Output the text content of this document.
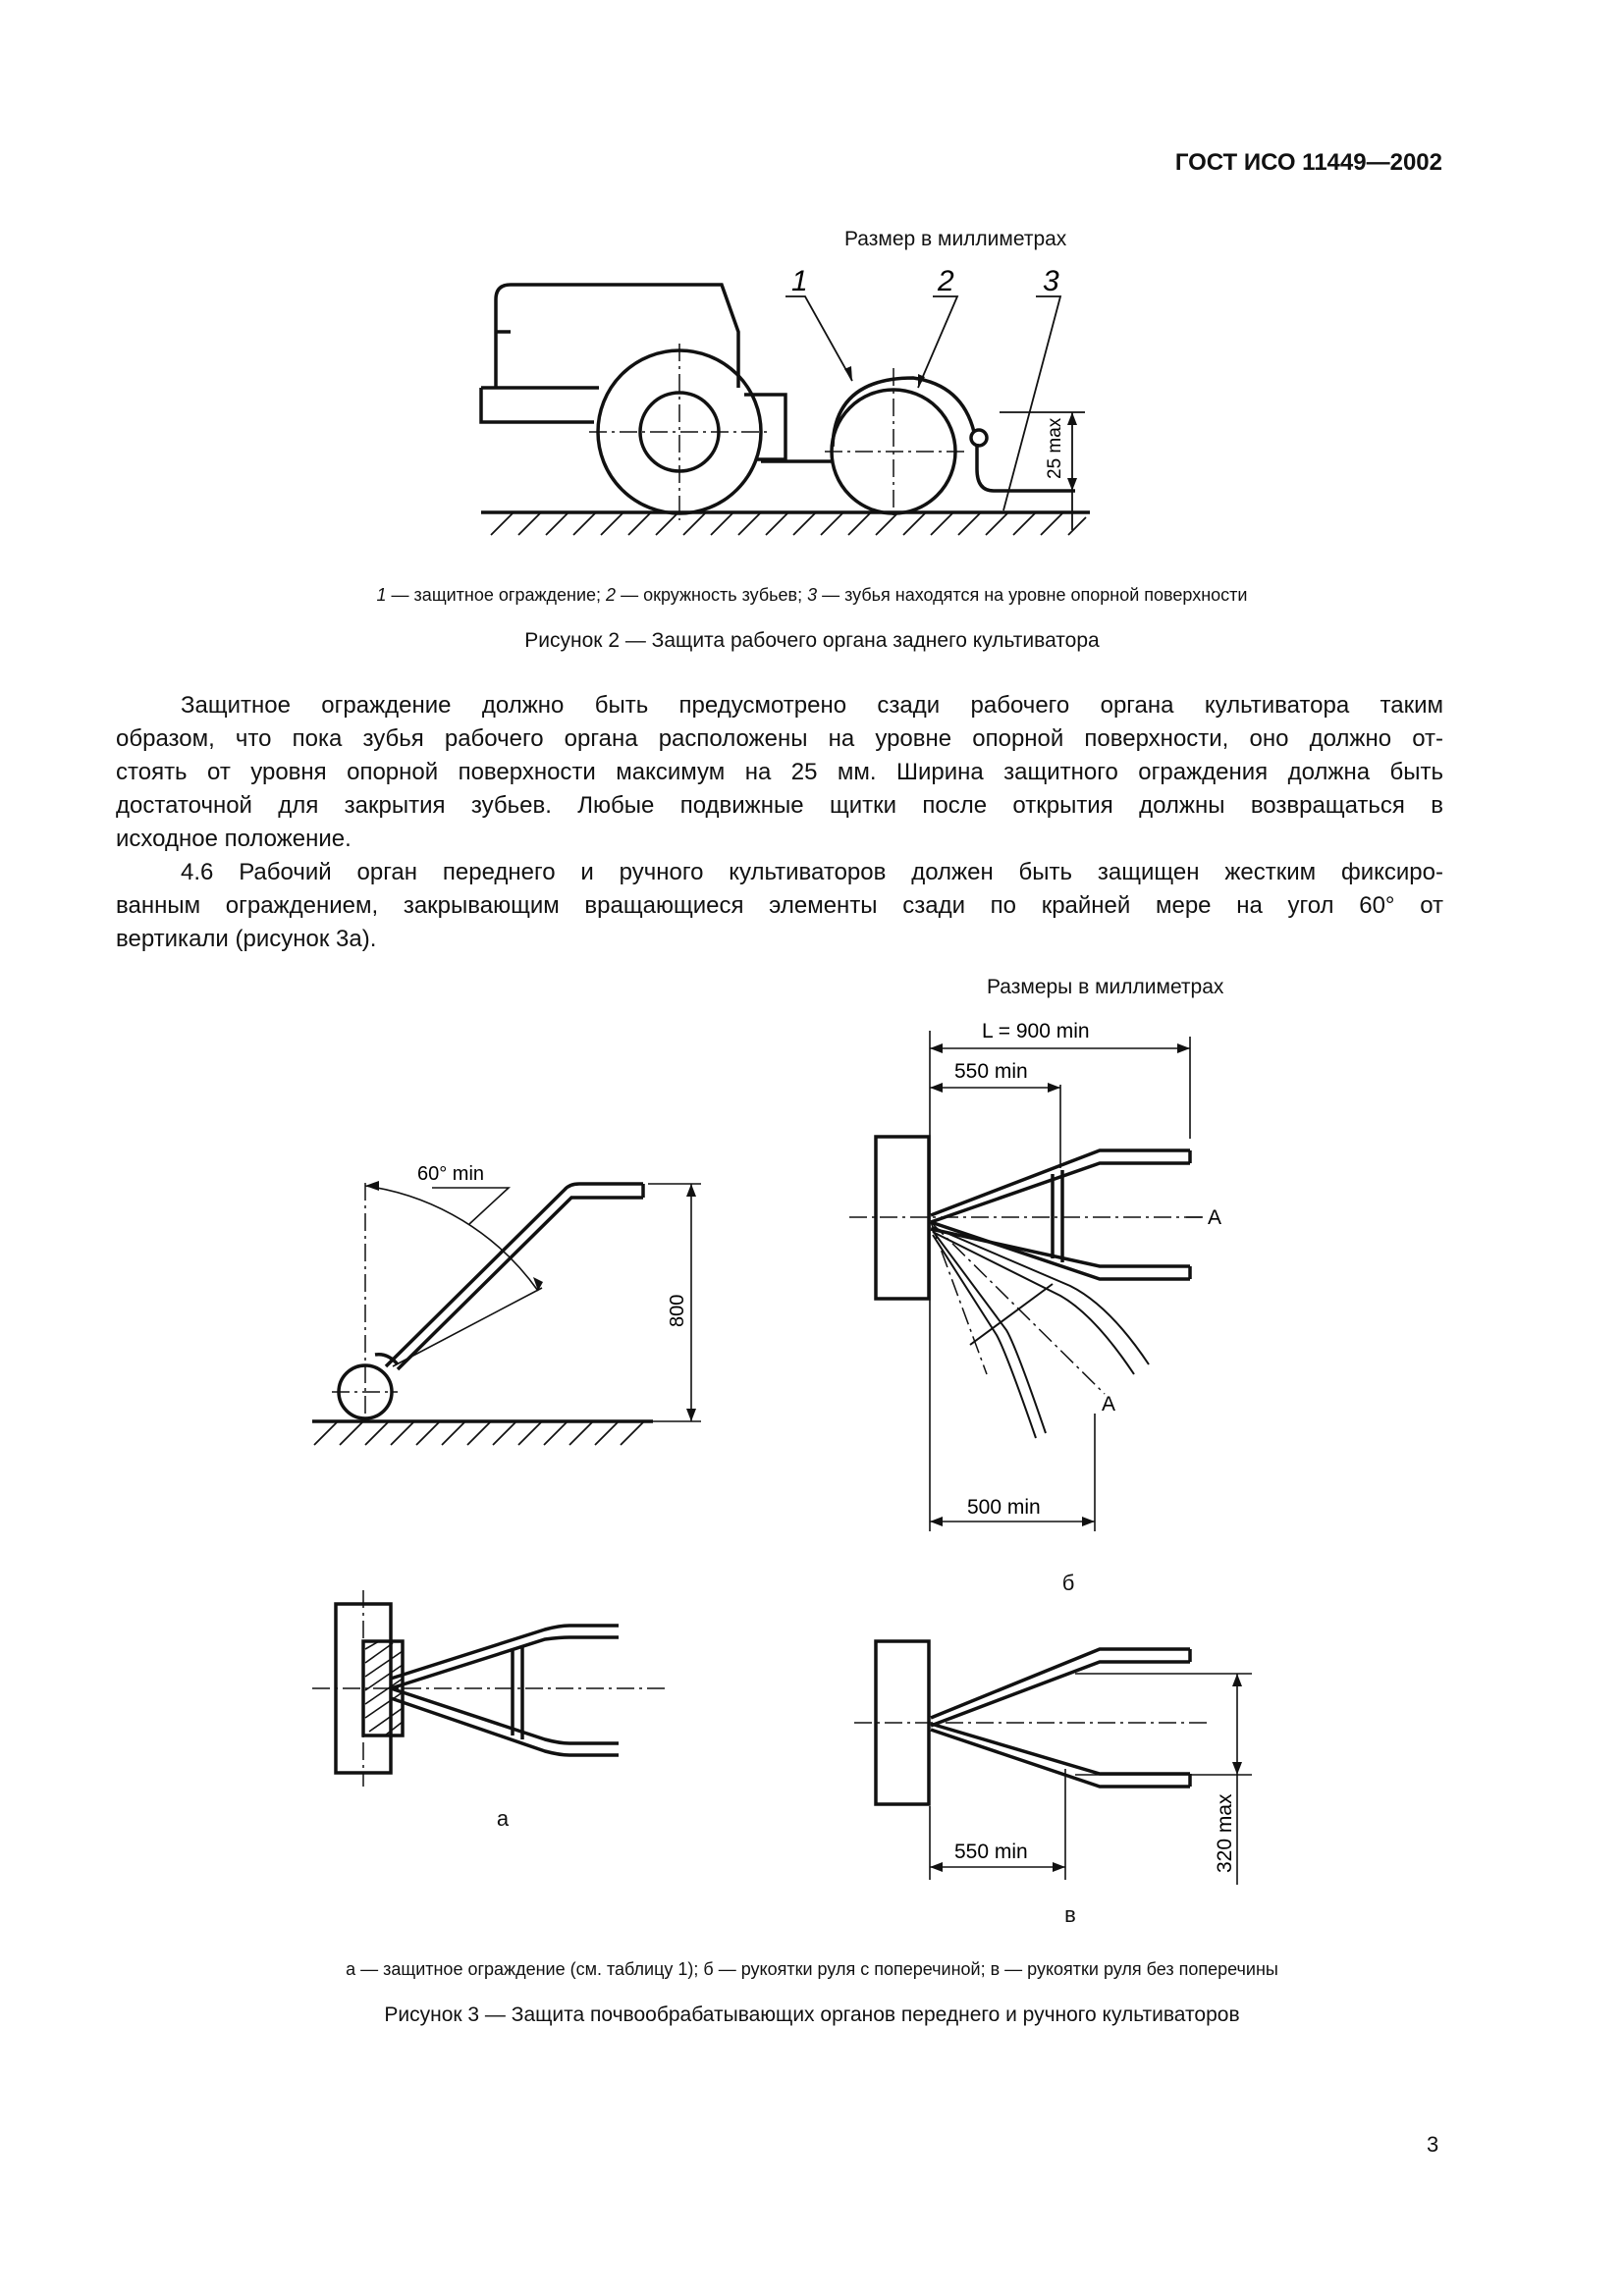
ГОСТ ИСО 11449—2002
Размер в миллиметрах
1	2	3
25 max
1 — защитное ограждение; 2 — окружность зубьев; 3 — зубья находятся на уровне опорной поверхности
Рисунок 2 — Защита рабочего органа заднего культиватора
Защитное ограждение должно быть предусмотрено сзади рабочего органа культиватора таким
образом, что пока зубья рабочего органа расположены на уровне опорной поверхности, оно должно от-
стоять от уровня опорной поверхности максимум на 25 мм. Ширина защитного ограждения должна быть
достаточной для закрытия зубьев. Любые подвижные щитки после открытия должны возвращаться в
исходное положение.
4.6 Рабочий орган переднего и ручного культиваторов должен быть защищен жестким фиксиро-
ванным ограждением, закрывающим вращающиеся элементы сзади по крайней мере на угол 60° от
вертикали (рисунок 3а).
Размеры в миллиметрах
60° min
800
L = 900 min
550 min
A
A
500 min
550 min	320 max
б
а
в
а — защитное ограждение (см. таблицу 1); б — рукоятки руля с поперечиной; в — рукоятки руля без поперечины
Рисунок 3 — Защита почвообрабатывающих органов переднего и ручного культиваторов
3
